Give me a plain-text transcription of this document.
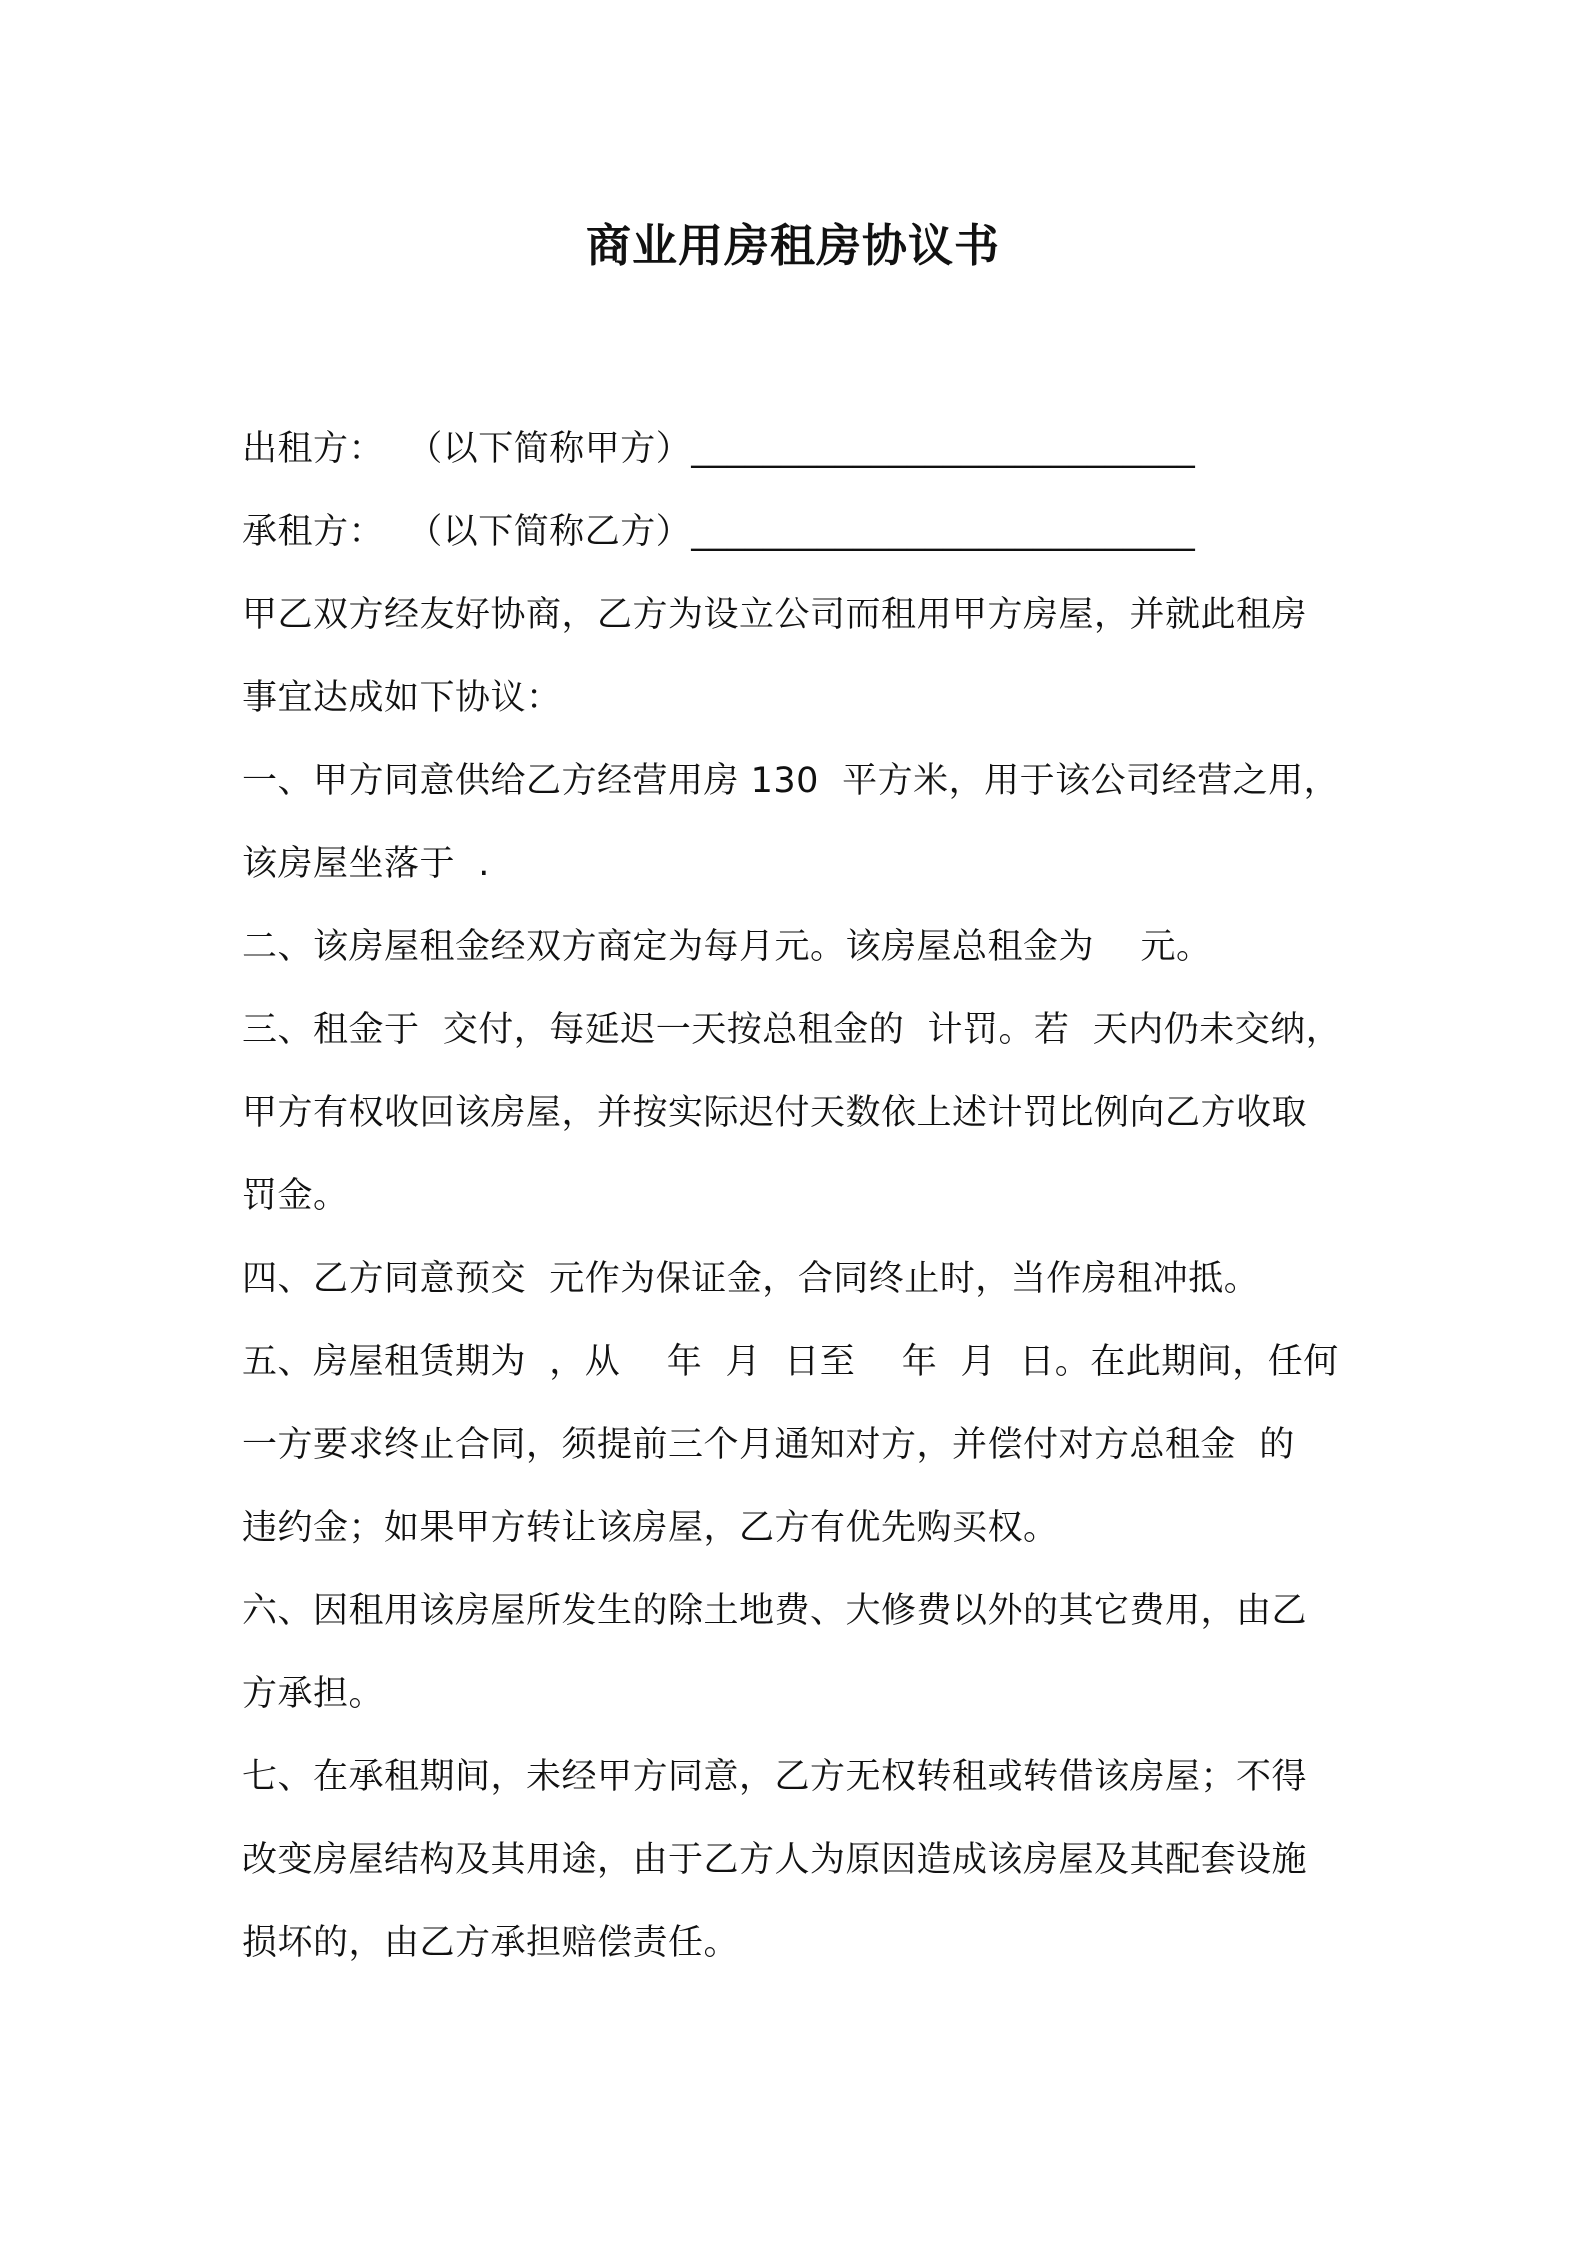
商业用房租房协议书
出租方：  （以下简称甲方）____________________________
承租方：  （以下简称乙方）____________________________
甲乙双方经友好协商，乙方为设立公司而租用甲方房屋，并就此租房
事宜达成如下协议：
一、甲方同意供给乙方经营用房 130  平方米，用于该公司经营之用，
该房屋坐落于  .
二、该房屋租金经双方商定为每月元。该房屋总租金为    元。
三、租金于  交付，每延迟一天按总租金的  计罚。若  天内仍未交纳，
甲方有权收回该房屋，并按实际迟付天数依上述计罚比例向乙方收取
罚金。
四、乙方同意预交  元作为保证金，合同终止时，当作房租冲抵。
五、房屋租赁期为  ，从    年  月  日至    年  月  日。在此期间，任何
一方要求终止合同，须提前三个月通知对方，并偿付对方总租金  的
违约金；如果甲方转让该房屋，乙方有优先购买权。
六、因租用该房屋所发生的除土地费、大修费以外的其它费用，由乙
方承担。
七、在承租期间，未经甲方同意，乙方无权转租或转借该房屋；不得
改变房屋结构及其用途，由于乙方人为原因造成该房屋及其配套设施
损坏的，由乙方承担赔偿责任。
